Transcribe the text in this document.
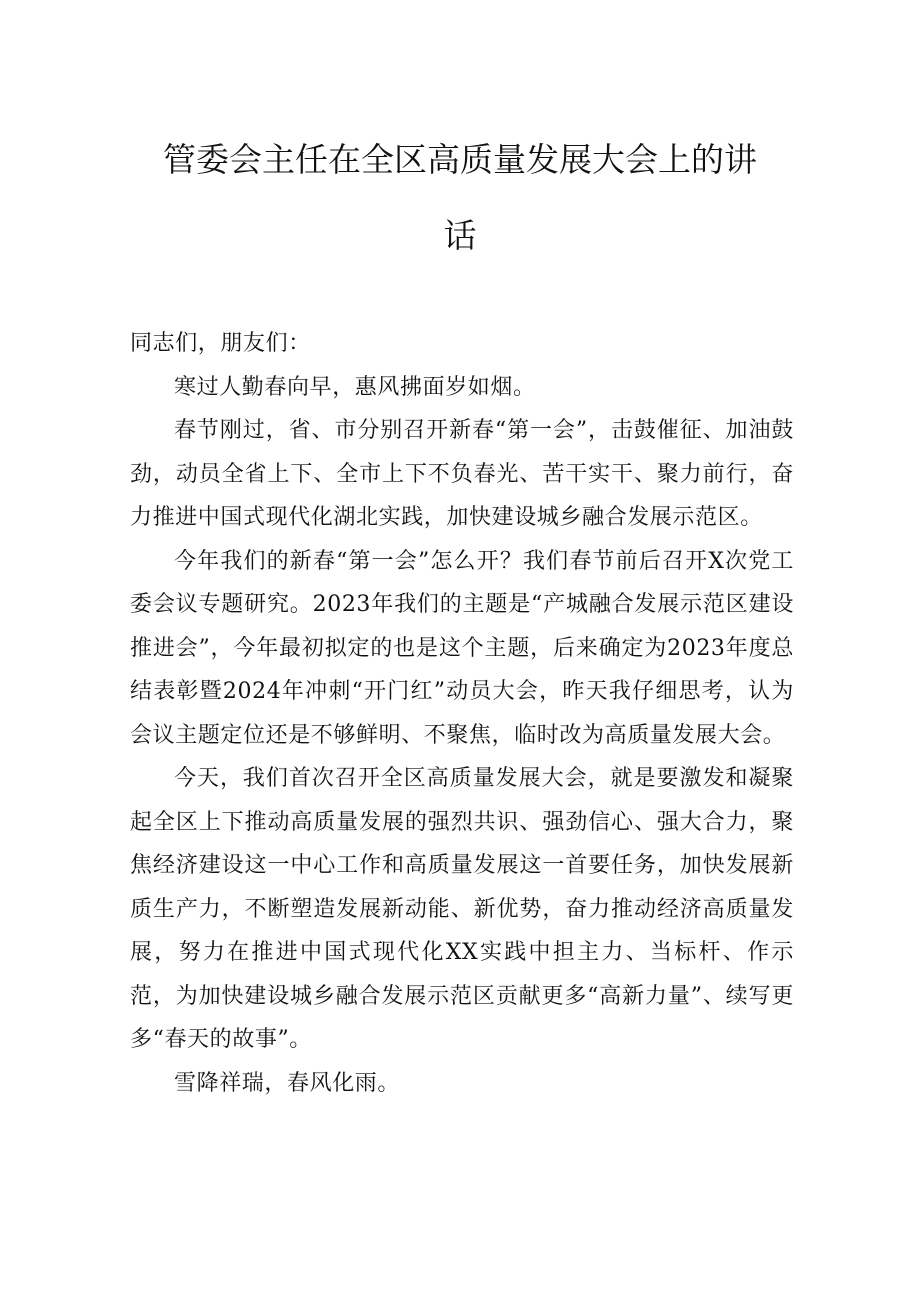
管委会主任在全区高质量发展大会上的讲
话

同志们，朋友们：

寒过人勤春向早，惠风拂面岁如烟。

春节刚过，省、市分别召开新春“第一会”，击鼓催征、加油鼓劲，动员全省上下、全市上下不负春光、苦干实干、聚力前行，奋力推进中国式现代化湖北实践，加快建设城乡融合发展示范区。

今年我们的新春“第一会”怎么开？我们春节前后召开X次党工委会议专题研究。2023年我们的主题是“产城融合发展示范区建设推进会”，今年最初拟定的也是这个主题，后来确定为2023年度总结表彰暨2024年冲刺“开门红”动员大会，昨天我仔细思考，认为会议主题定位还是不够鲜明、不聚焦，临时改为高质量发展大会。

今天，我们首次召开全区高质量发展大会，就是要激发和凝聚起全区上下推动高质量发展的强烈共识、强劲信心、强大合力，聚焦经济建设这一中心工作和高质量发展这一首要任务，加快发展新质生产力，不断塑造发展新动能、新优势，奋力推动经济高质量发展，努力在推进中国式现代化XX实践中担主力、当标杆、作示范，为加快建设城乡融合发展示范区贡献更多“高新力量”、续写更多“春天的故事”。

雪降祥瑞，春风化雨。
